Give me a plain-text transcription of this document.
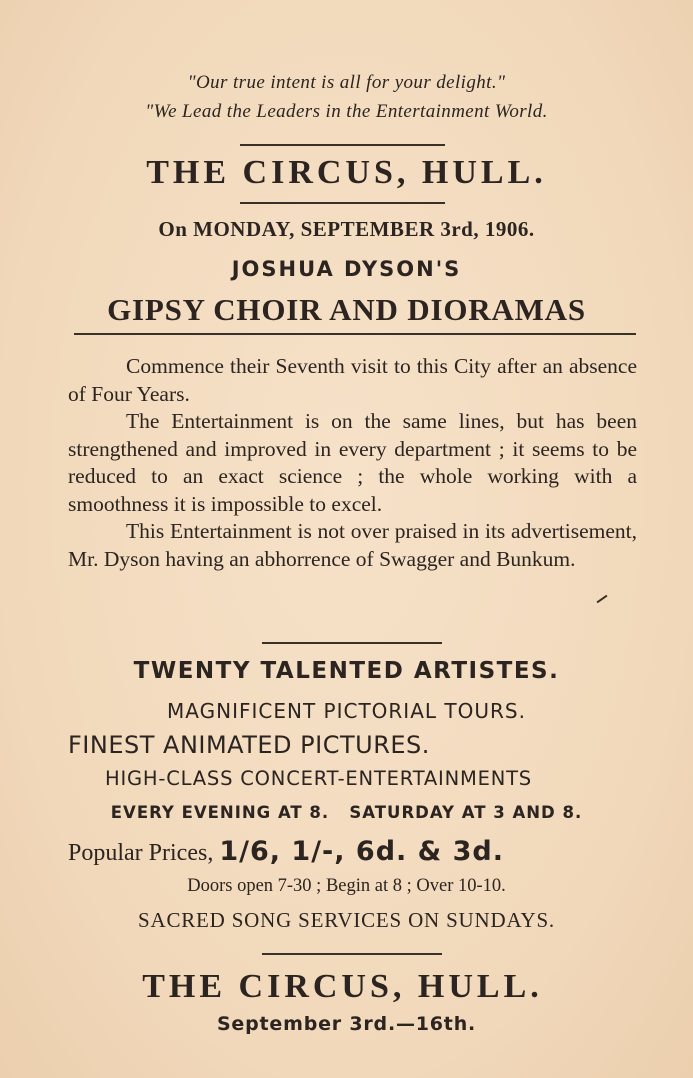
"Our true intent is all for your delight."
"We Lead the Leaders in the Entertainment World.
THE CIRCUS, HULL.
On MONDAY, SEPTEMBER 3rd, 1906.
JOSHUA DYSON'S
GIPSY CHOIR AND DIORAMAS

Commence their Seventh visit to this City after an absence of Four Years.

The Entertainment is on the same lines, but has been strengthened and improved in every department ; it seems to be reduced to an exact science ; the whole working with a smoothness it is impossible to excel.

This Entertainment is not over praised in its advertisement, Mr. Dyson having an abhorrence of Swagger and Bunkum.

TWENTY TALENTED ARTISTES.
MAGNIFICENT PICTORIAL TOURS.
FINEST ANIMATED PICTURES.
HIGH-CLASS CONCERT-ENTERTAINMENTS
EVERY EVENING AT 8.   SATURDAY AT 3 AND 8.
Popular Prices, 1/6, 1/-, 6d. & 3d.
Doors open 7-30 ; Begin at 8 ; Over 10-10.
SACRED SONG SERVICES ON SUNDAYS.
THE CIRCUS, HULL.
September 3rd.—16th.
